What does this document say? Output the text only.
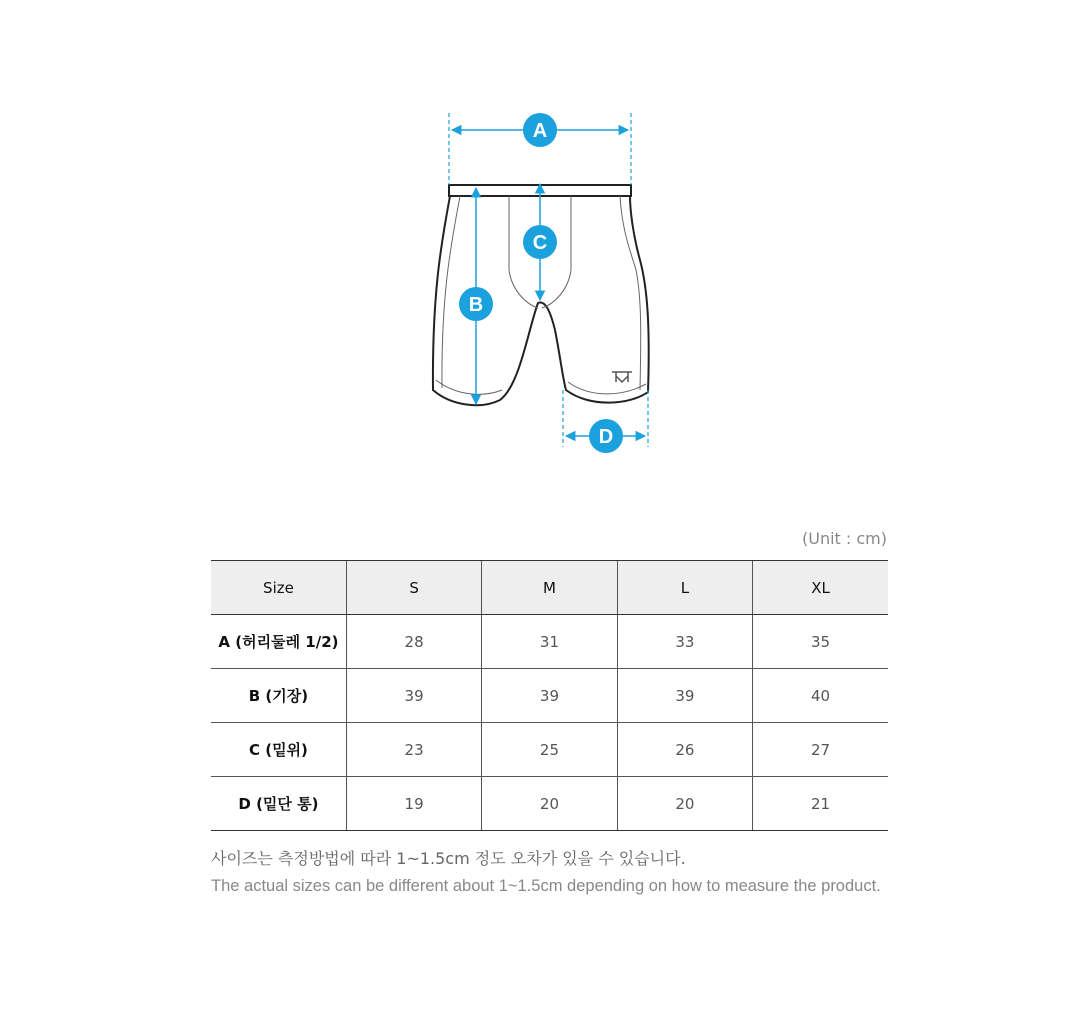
A
B
C
D
(Unit : cm)
Size	S	M	L	XL
A (허리둘레 1/2)	28	31	33	35
B (기장)	39	39	39	40
C (밑위)	23	25	26	27
D (밑단 통)	19	20	20	21
사이즈는 측정방법에 따라 1~1.5cm 정도 오차가 있을 수 있습니다.
The actual sizes can be different about 1~1.5cm depending on how to measure the product.
